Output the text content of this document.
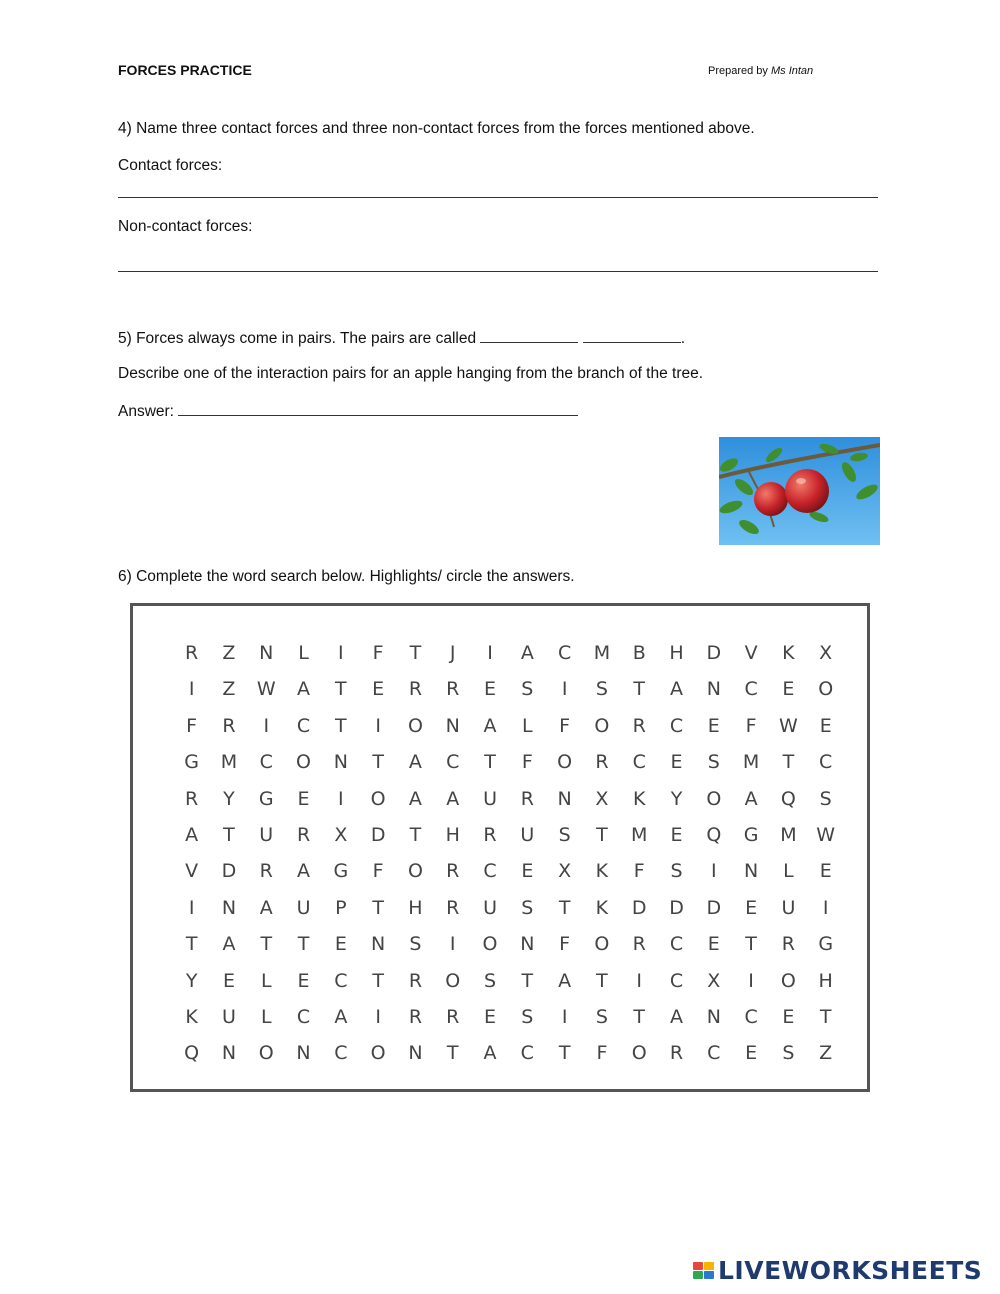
FORCES PRACTICE	Prepared by Ms Intan
4) Name three contact forces and three non-contact forces from the forces mentioned above.
Contact forces:
Non-contact forces:
5) Forces always come in pairs. The pairs are called	.
Describe one of the interaction pairs for an apple hanging from the branch of the tree.
Answer:
6) Complete the word search below. Highlights/ circle the answers.
R	Z	N	L	I	F	T	J	I	A	C	M	B	H	D	V	K	X
I	Z	W	A	T	E	R	R	E	S	I	S	T	A	N	C	E	O
F	R	I	C	T	I	O	N	A	L	F	O	R	C	E	F	W	E
G	M	C	O	N	T	A	C	T	F	O	R	C	E	S	M	T	C
R	Y	G	E	I	O	A	A	U	R	N	X	K	Y	O	A	Q	S
A	T	U	R	X	D	T	H	R	U	S	T	M	E	Q	G	M	W
V	D	R	A	G	F	O	R	C	E	X	K	F	S	I	N	L	E
I	N	A	U	P	T	H	R	U	S	T	K	D	D	D	E	U	I
T	A	T	T	E	N	S	I	O	N	F	O	R	C	E	T	R	G
Y	E	L	E	C	T	R	O	S	T	A	T	I	C	X	I	O	H
K	U	L	C	A	I	R	R	E	S	I	S	T	A	N	C	E	T
Q	N	O	N	C	O	N	T	A	C	T	F	O	R	C	E	S	Z
LIVEWORKSHEETS
